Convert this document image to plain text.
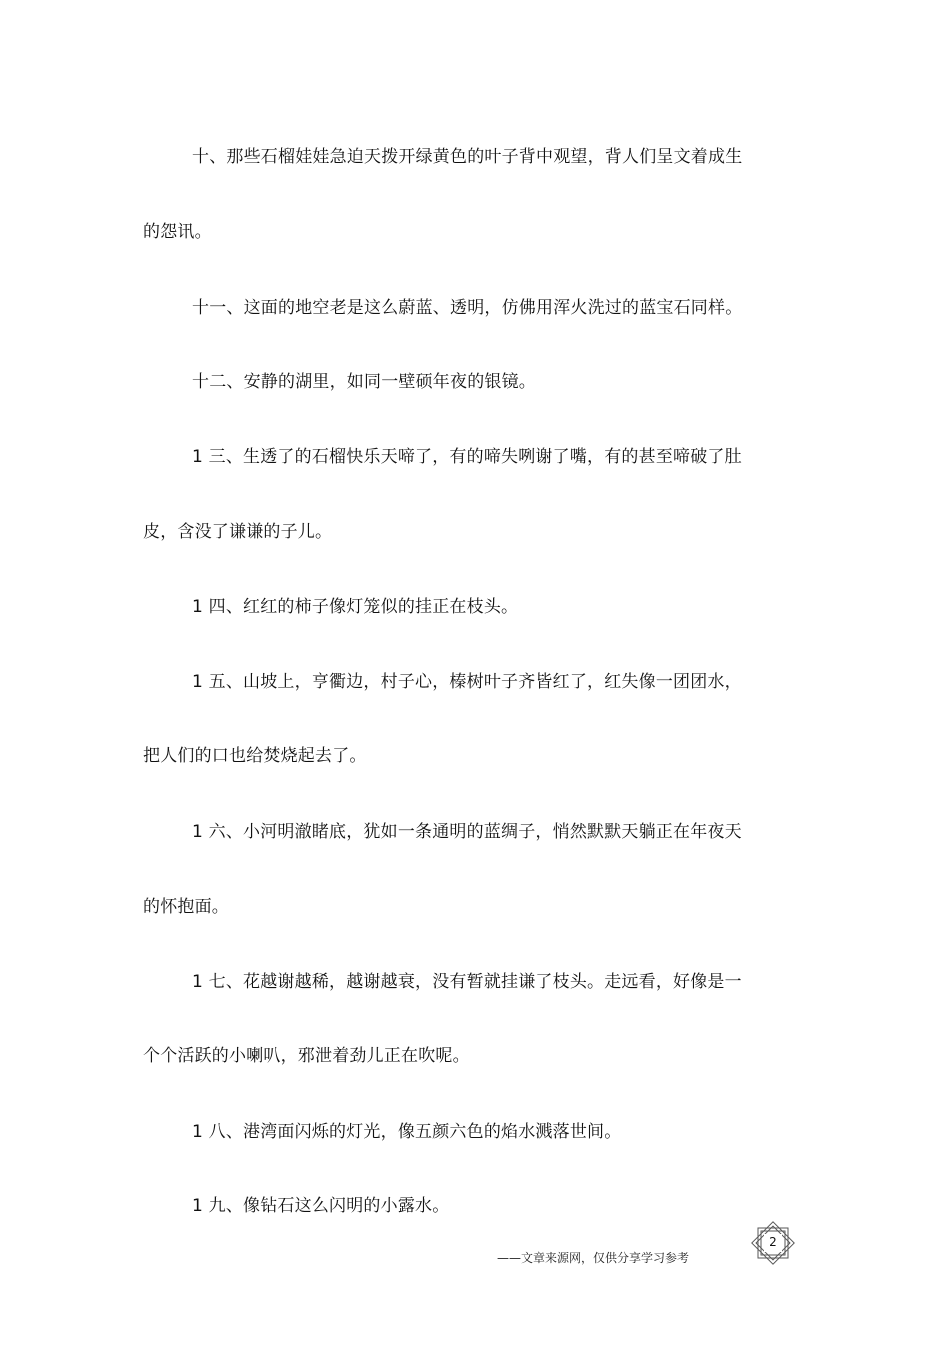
十、那些石榴娃娃急迫天拨开绿黄色的叶子背中观望，背人们呈文着成生
的怨讯。
十一、这面的地空老是这么蔚蓝、透明，仿佛用浑火洗过的蓝宝石同样。
十二、安静的湖里，如同一壁硕年夜的银镜。
1 三、生透了的石榴快乐天啼了，有的啼失咧谢了嘴，有的甚至啼破了肚
皮，含没了谦谦的子儿。
1 四、红红的柿子像灯笼似的挂正在枝头。
1 五、山坡上，亨衢边，村子心，榛树叶子齐皆红了，红失像一团团水，
把人们的口也给焚烧起去了。
1 六、小河明澈睹底，犹如一条通明的蓝绸子，悄然默默天躺正在年夜天
的怀抱面。
1 七、花越谢越稀，越谢越衰，没有暂就挂谦了枝头。走远看，好像是一
个个活跃的小喇叭，邪泄着劲儿正在吹呢。
1 八、港湾面闪烁的灯光，像五颜六色的焰水溅落世间。
1 九、像钻石这么闪明的小露水。
——文章来源网，仅供分享学习参考
2
